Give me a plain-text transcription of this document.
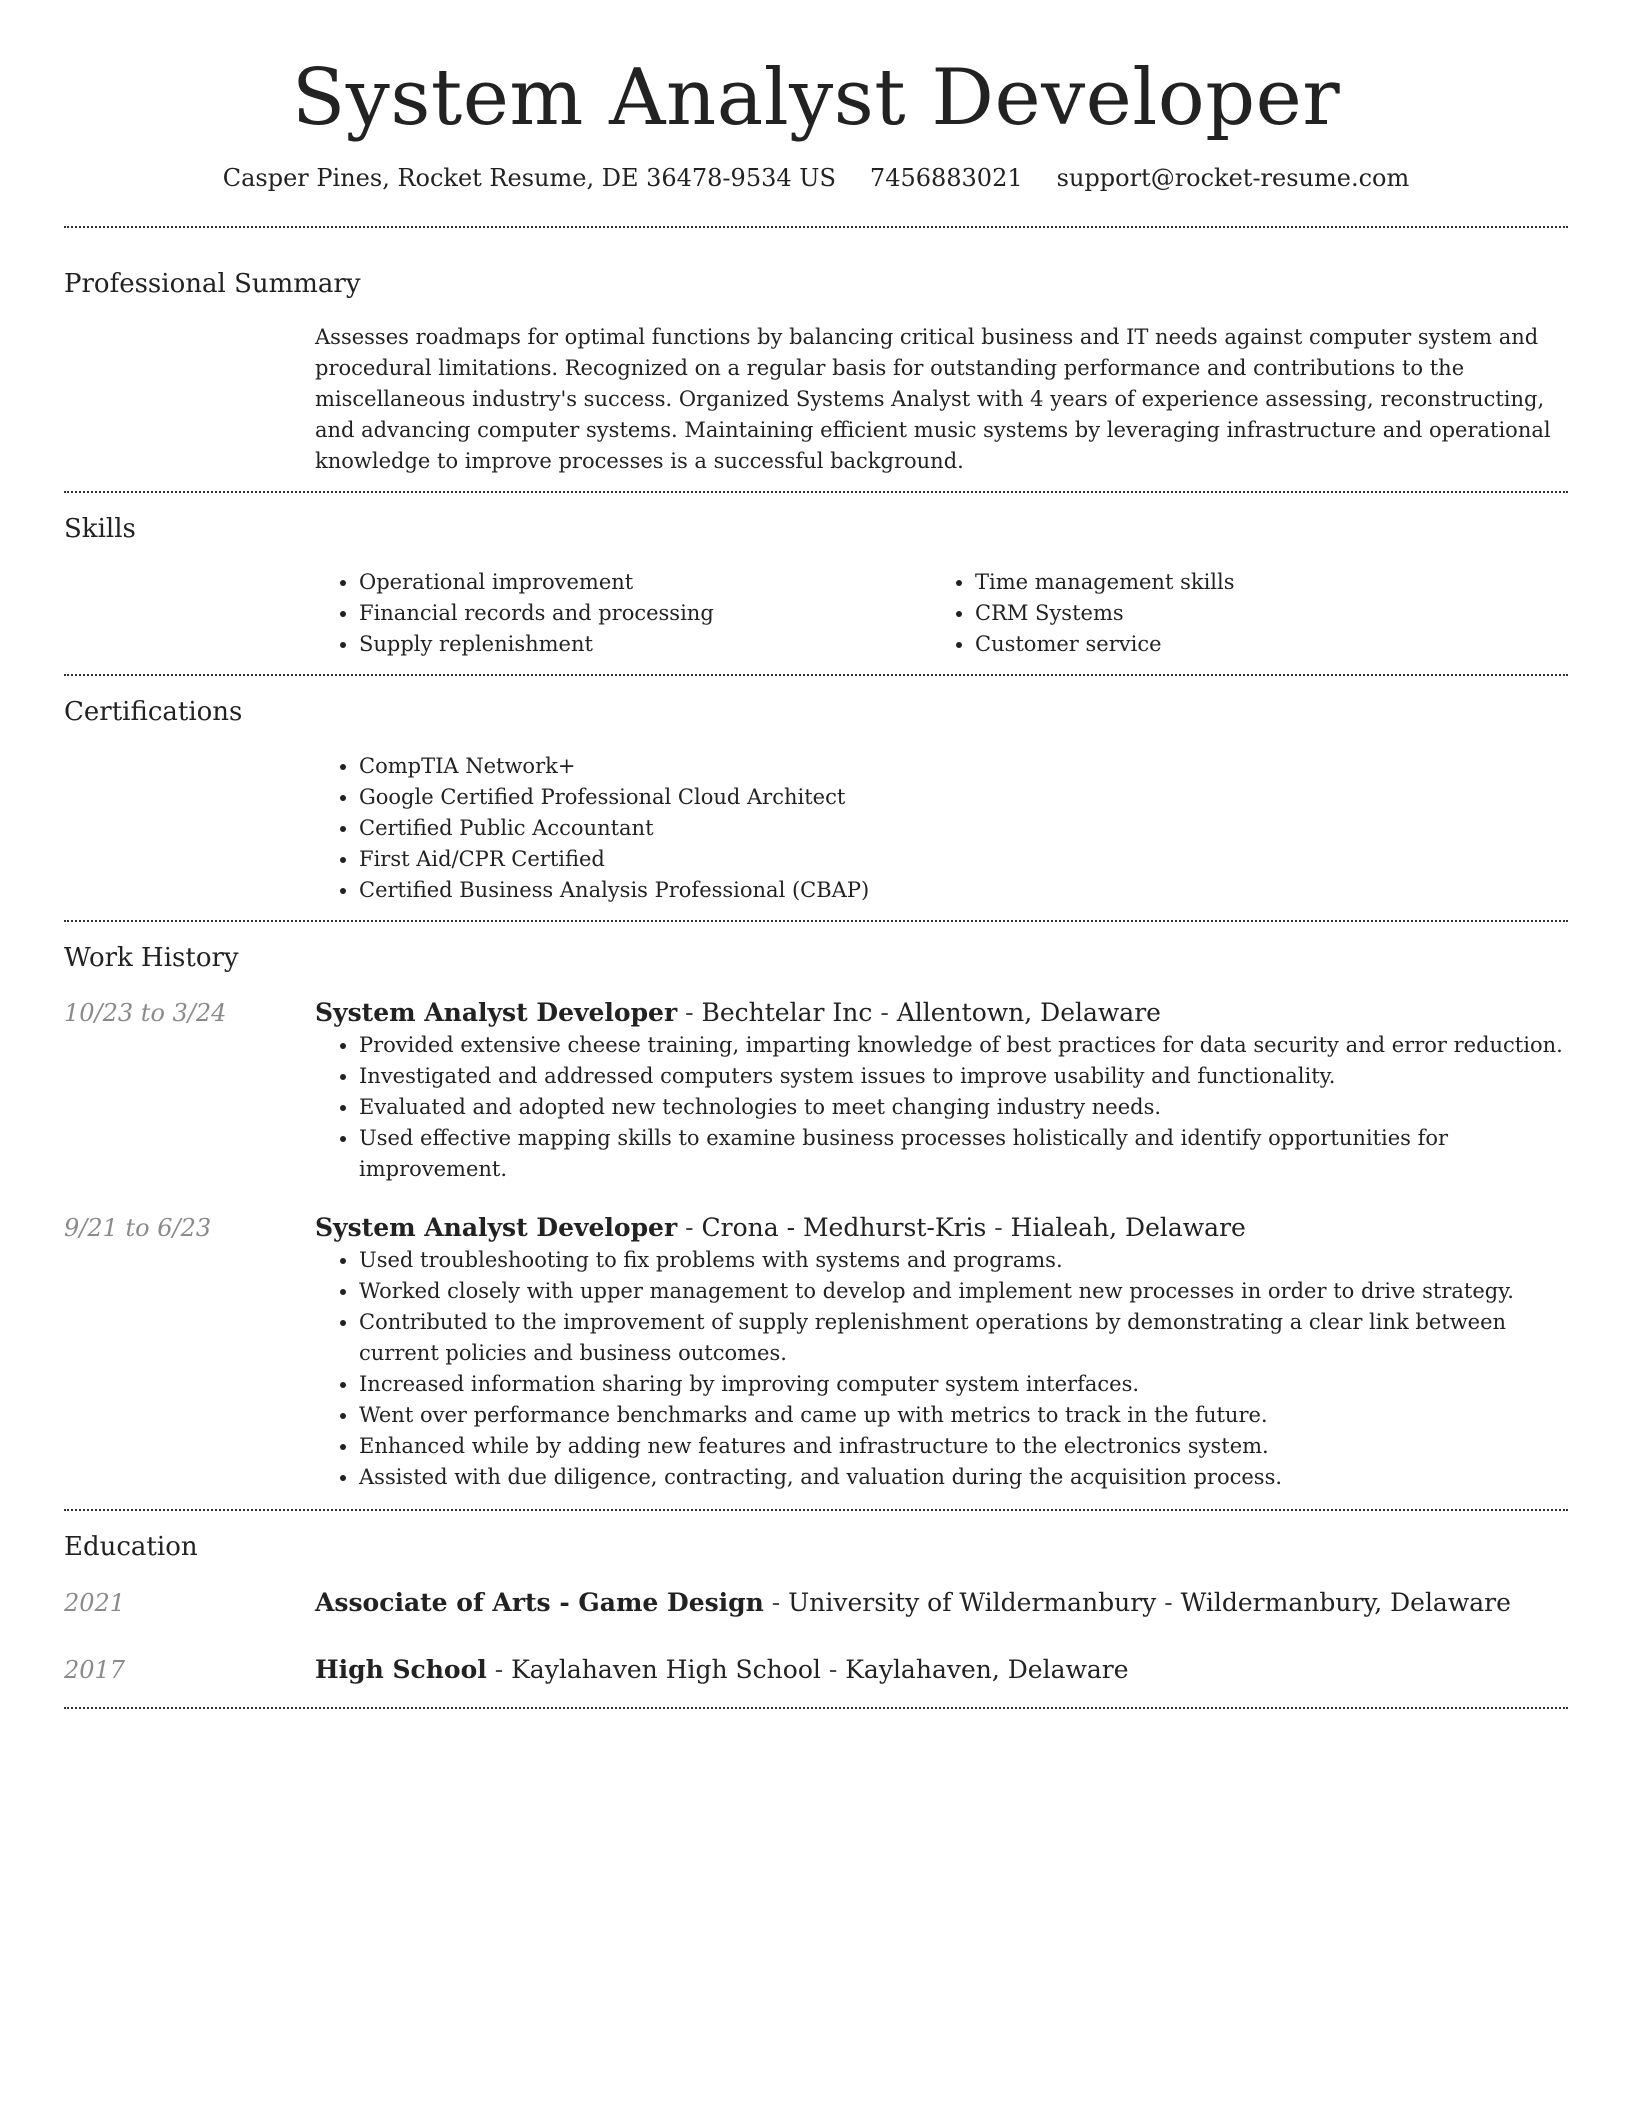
System Analyst Developer
Casper Pines, Rocket Resume, DE 36478-9534 US 7456883021 support@rocket-resume.com
Professional Summary

Assesses roadmaps for optimal functions by balancing critical business and IT needs against computer system and procedural limitations. Recognized on a regular basis for outstanding performance and contributions to the miscellaneous industry's success. Organized Systems Analyst with 4 years of experience assessing, reconstructing, and advancing computer systems. Maintaining efficient music systems by leveraging infrastructure and operational knowledge to improve processes is a successful background.

Skills
• Operational improvement
• Financial records and processing
• Supply replenishment
• Time management skills
• CRM Systems
• Customer service
Certifications
• CompTIA Network+
• Google Certified Professional Cloud Architect
• Certified Public Accountant
• First Aid/CPR Certified
• Certified Business Analysis Professional (CBAP)
Work History
10/23 to 3/24	System Analyst Developer - Bechtelar Inc - Allentown, Delaware
• Provided extensive cheese training, imparting knowledge of best practices for data security and error reduction.
• Investigated and addressed computers system issues to improve usability and functionality.
• Evaluated and adopted new technologies to meet changing industry needs.
• Used effective mapping skills to examine business processes holistically and identify opportunities for improvement.
9/21 to 6/23	System Analyst Developer - Crona - Medhurst-Kris - Hialeah, Delaware
• Used troubleshooting to fix problems with systems and programs.
• Worked closely with upper management to develop and implement new processes in order to drive strategy.
• Contributed to the improvement of supply replenishment operations by demonstrating a clear link between current policies and business outcomes.
• Increased information sharing by improving computer system interfaces.
• Went over performance benchmarks and came up with metrics to track in the future.
• Enhanced while by adding new features and infrastructure to the electronics system.
• Assisted with due diligence, contracting, and valuation during the acquisition process.
Education
2021	Associate of Arts - Game Design - University of Wildermanbury - Wildermanbury, Delaware
2017	High School - Kaylahaven High School - Kaylahaven, Delaware
